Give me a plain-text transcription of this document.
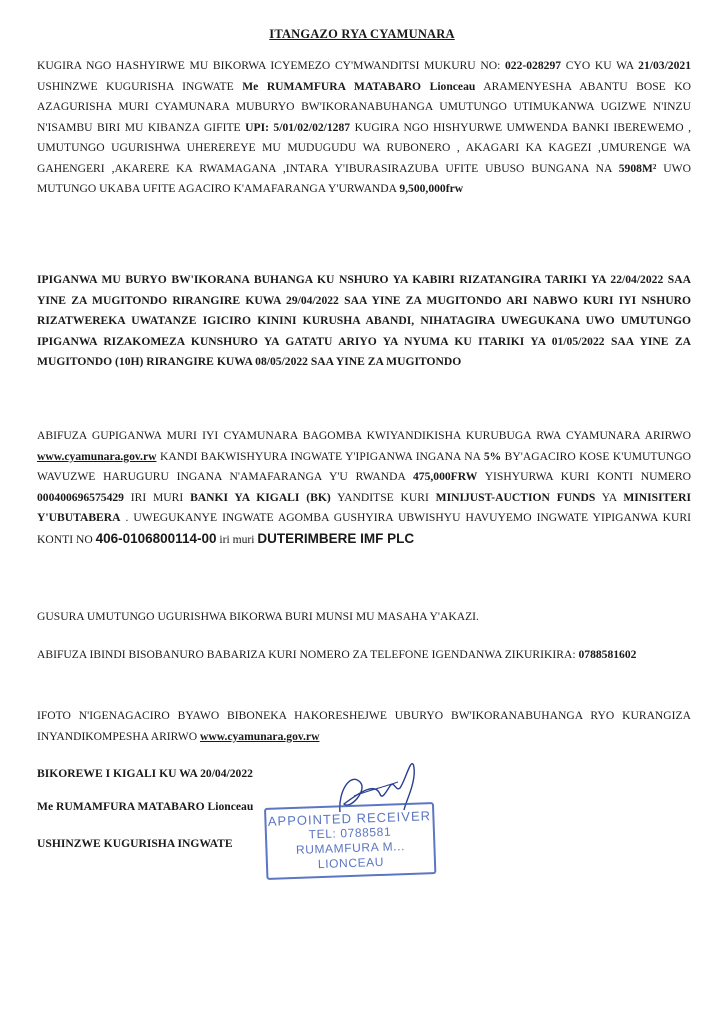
ITANGAZO RYA CYAMUNARA
KUGIRA NGO HASHYIRWE MU BIKORWA ICYEMEZO CY'MWANDITSI MUKURU NO: 022-028297 CYO KU WA 21/03/2021 USHINZWE KUGURISHA INGWATE Me RUMAMFURA MATABARO Lionceau ARAMENYESHA ABANTU BOSE KO AZAGURISHA MURI CYAMUNARA MUBURYO BW'IKORANABUHANGA UMUTUNGO UTIMUKANWA UGIZWE N'INZU N'ISAMBU BIRI MU KIBANZA GIFITE UPI: 5/01/02/02/1287 KUGIRA NGO HISHYURWE UMWENDA BANKI IBEREWEMO , UMUTUNGO UGURISHWA UHEREREYE MU MUDUGUDU WA RUBONERO , AKAGARI KA KAGEZI ,UMURENGE WA GAHENGERI ,AKARERE KA RWAMAGANA ,INTARA Y'IBURASIRAZUBA UFITE UBUSO BUNGANA NA 5908M² UWO MUTUNGO UKABA UFITE AGACIRO K'AMAFARANGA Y'URWANDA 9,500,000frw
IPIGANWA MU BURYO BW'IKORANA BUHANGA KU NSHURO YA KABIRI RIZATANGIRA TARIKI YA 22/04/2022 SAA YINE ZA MUGITONDO RIRANGIRE KUWA 29/04/2022 SAA YINE ZA MUGITONDO ARI NABWO KURI IYI NSHURO RIZATWEREKA UWATANZE IGICIRO KININI KURUSHA ABANDI, NIHATAGIRA UWEGUKANA UWO UMUTUNGO IPIGANWA RIZAKOMEZA KUNSHURO YA GATATU ARIYO YA NYUMA KU ITARIKI YA 01/05/2022 SAA YINE ZA MUGITONDO (10H) RIRANGIRE KUWA 08/05/2022 SAA YINE ZA MUGITONDO
ABIFUZA GUPIGANWA MURI IYI CYAMUNARA BAGOMBA KWIYANDIKISHA KURUBUGA RWA CYAMUNARA ARIRWO www.cyamunara.gov.rw KANDI BAKWISHYURA INGWATE Y'IPIGANWA INGANA NA 5% BY'AGACIRO KOSE K'UMUTUNGO WAVUZWE HARUGURU INGANA N'AMAFARANGA Y'U RWANDA 475,000FRW YISHYURWA KURI KONTI NUMERO 000400696575429 IRI MURI BANKI YA KIGALI (BK) YANDITSE KURI MINIJUST-AUCTION FUNDS YA MINISITERI Y'UBUTABERA . UWEGUKANYE INGWATE AGOMBA GUSHYIRA UBWISHYU HAVUYEMO INGWATE YIPIGANWA KURI KONTI NO 406-0106800114-00 iri muri DUTERIMBERE IMF PLC
GUSURA UMUTUNGO UGURISHWA BIKORWA BURI MUNSI MU MASAHA Y'AKAZI.
ABIFUZA IBINDI BISOBANURO BABARIZA KURI NOMERO ZA TELEFONE IGENDANWA ZIKURIKIRA: 0788581602
IFOTO N'IGENAGACIRO BYAWO BIBONEKA HAKORESHEJWE UBURYO BW'IKORANABUHANGA RYO KURANGIZA INYANDIKOMPESHA ARIRWO www.cyamunara.gov.rw
BIKOREWE I KIGALI KU WA 20/04/2022
Me RUMAMFURA MATABARO Lionceau
USHINZWE KUGURISHA INGWATE
APPOINTED RECEIVER
TEL: 0788581
RUMAMFURA M...
LIONCEAU
